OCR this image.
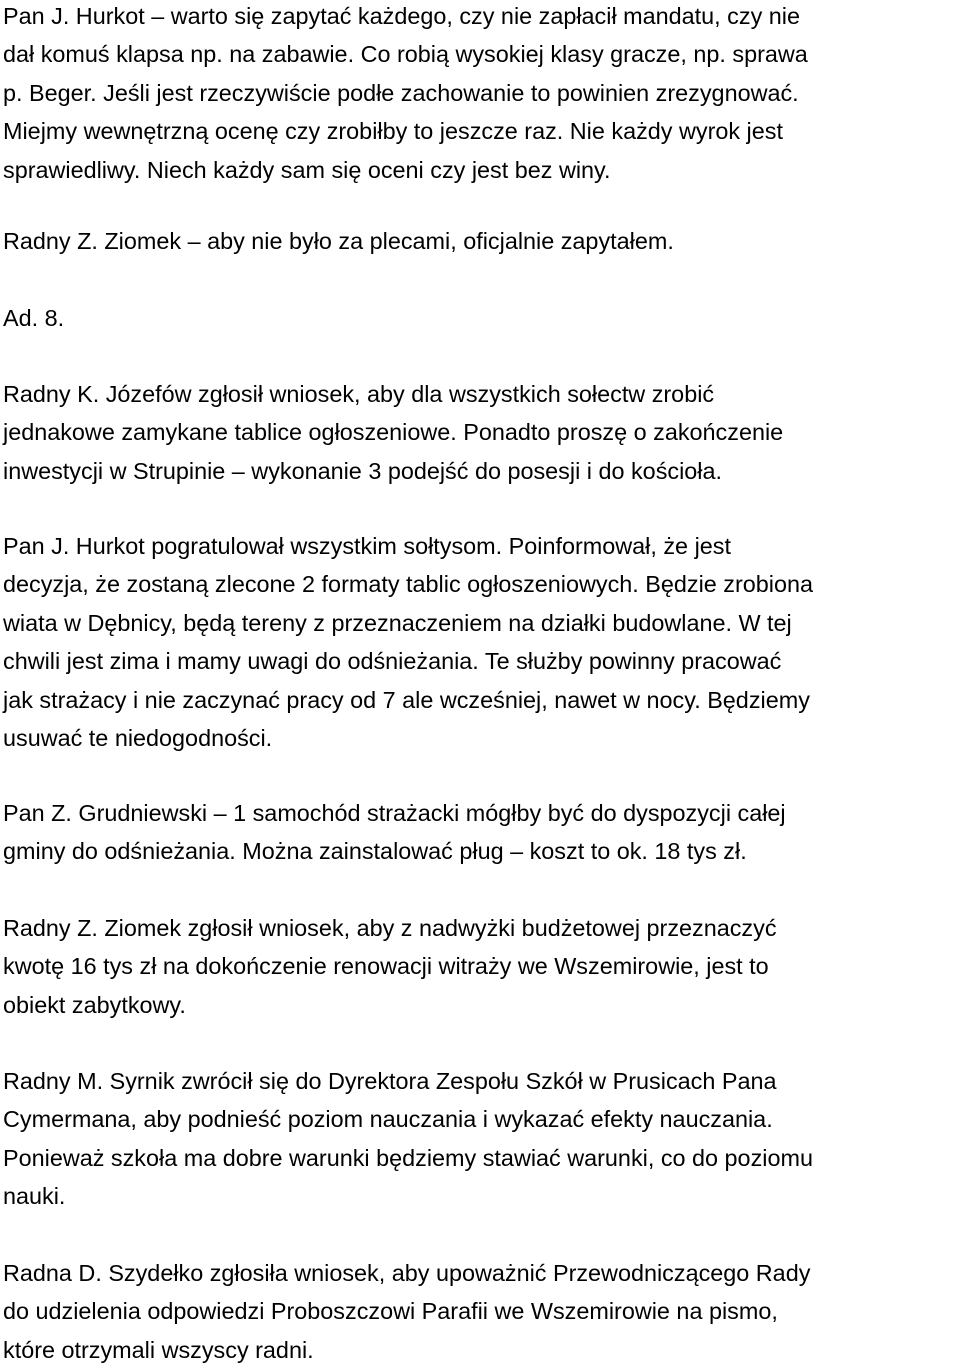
Pan J. Hurkot – warto się zapytać każdego, czy nie zapłacił mandatu, czy nie
dał komuś klapsa np. na zabawie. Co robią wysokiej klasy gracze, np. sprawa
p. Beger. Jeśli jest rzeczywiście podłe zachowanie to powinien zrezygnować.
Miejmy wewnętrzną ocenę czy zrobiłby to jeszcze raz. Nie każdy wyrok jest
sprawiedliwy. Niech każdy sam się oceni czy jest bez winy.
Radny Z. Ziomek – aby nie było za plecami, oficjalnie zapytałem.
Ad. 8.
Radny K. Józefów zgłosił wniosek, aby dla wszystkich sołectw zrobić
jednakowe zamykane tablice ogłoszeniowe. Ponadto proszę o zakończenie
inwestycji w Strupinie – wykonanie 3 podejść do posesji i do kościoła.
Pan J. Hurkot pogratulował wszystkim sołtysom. Poinformował, że jest
decyzja, że zostaną zlecone 2 formaty tablic ogłoszeniowych. Będzie zrobiona
wiata w Dębnicy, będą tereny z przeznaczeniem na działki budowlane. W tej
chwili jest zima i mamy uwagi do odśnieżania. Te służby powinny pracować
jak strażacy i nie zaczynać pracy od 7 ale wcześniej, nawet w nocy. Będziemy
usuwać te niedogodności.
Pan Z. Grudniewski – 1 samochód strażacki mógłby być do dyspozycji całej
gminy do odśnieżania. Można zainstalować pług – koszt to ok. 18 tys zł.
Radny Z. Ziomek zgłosił wniosek, aby z nadwyżki budżetowej przeznaczyć
kwotę 16 tys zł na dokończenie renowacji witraży we Wszemirowie, jest to
obiekt zabytkowy.
Radny M. Syrnik zwrócił się do Dyrektora Zespołu Szkół w Prusicach Pana
Cymermana, aby podnieść poziom nauczania i wykazać efekty nauczania.
Ponieważ szkoła ma dobre warunki będziemy stawiać warunki, co do poziomu
nauki.
Radna D. Szydełko zgłosiła wniosek, aby upoważnić Przewodniczącego Rady
do udzielenia odpowiedzi Proboszczowi Parafii we Wszemirowie na pismo,
które otrzymali wszyscy radni.
